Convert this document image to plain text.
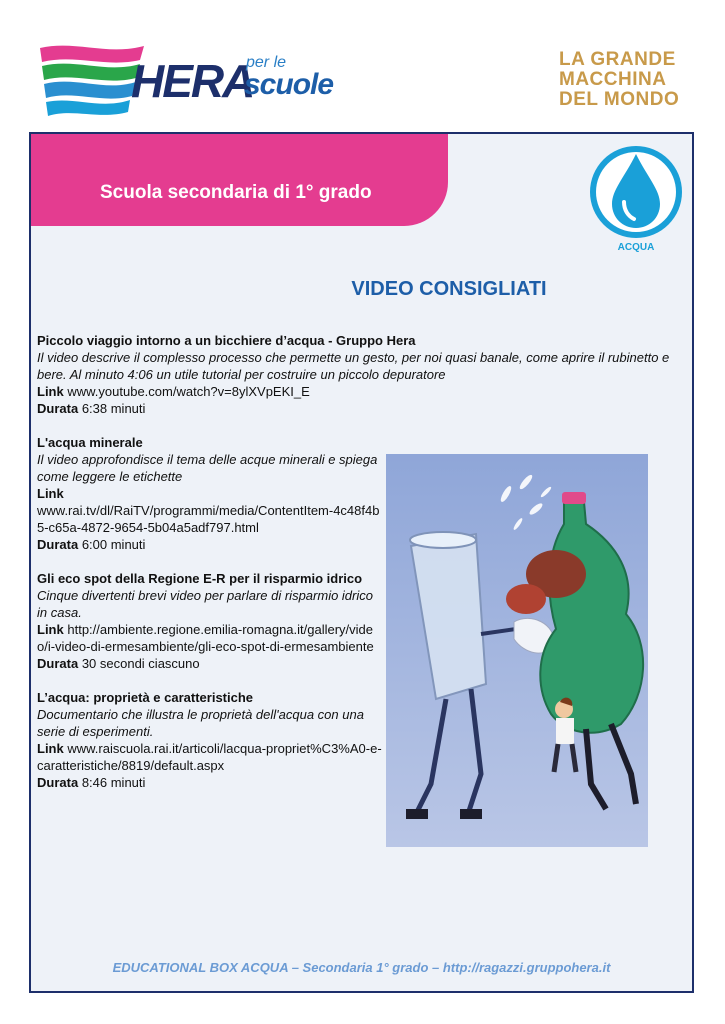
HERA
per le
scuole
LA GRANDE
MACCHINA
DEL MONDO
Scuola secondaria di 1° grado
ACQUA
VIDEO CONSIGLIATI
Piccolo viaggio intorno a un bicchiere d’acqua - Gruppo Hera
Il video descrive il complesso processo che permette un gesto, per noi quasi banale, come aprire il rubinetto e bere. Al minuto 4:06 un utile tutorial per costruire un piccolo depuratore
Link www.youtube.com/watch?v=8ylXVpEKI_E
Durata 6:38 minuti
L'acqua minerale
Il video approfondisce il tema delle acque minerali e spiega come leggere le etichette
Link
www.rai.tv/dl/RaiTV/programmi/media/ContentItem-4c48f4b5-c65a-4872-9654-5b04a5adf797.html
Durata 6:00 minuti
Gli eco spot della Regione E-R per il risparmio idrico
Cinque divertenti brevi video per parlare di risparmio idrico in casa.
Link http://ambiente.regione.emilia-romagna.it/gallery/video/i-video-di-ermesambiente/gli-eco-spot-di-ermesambiente
Durata 30 secondi ciascuno
L’acqua: proprietà e caratteristiche
Documentario che illustra le proprietà dell'acqua con una serie di esperimenti.
Link www.raiscuola.rai.it/articoli/lacqua-propriet%C3%A0-e-caratteristiche/8819/default.aspx
Durata 8:46 minuti
EDUCATIONAL BOX ACQUA – Secondaria 1° grado – http://ragazzi.gruppohera.it
